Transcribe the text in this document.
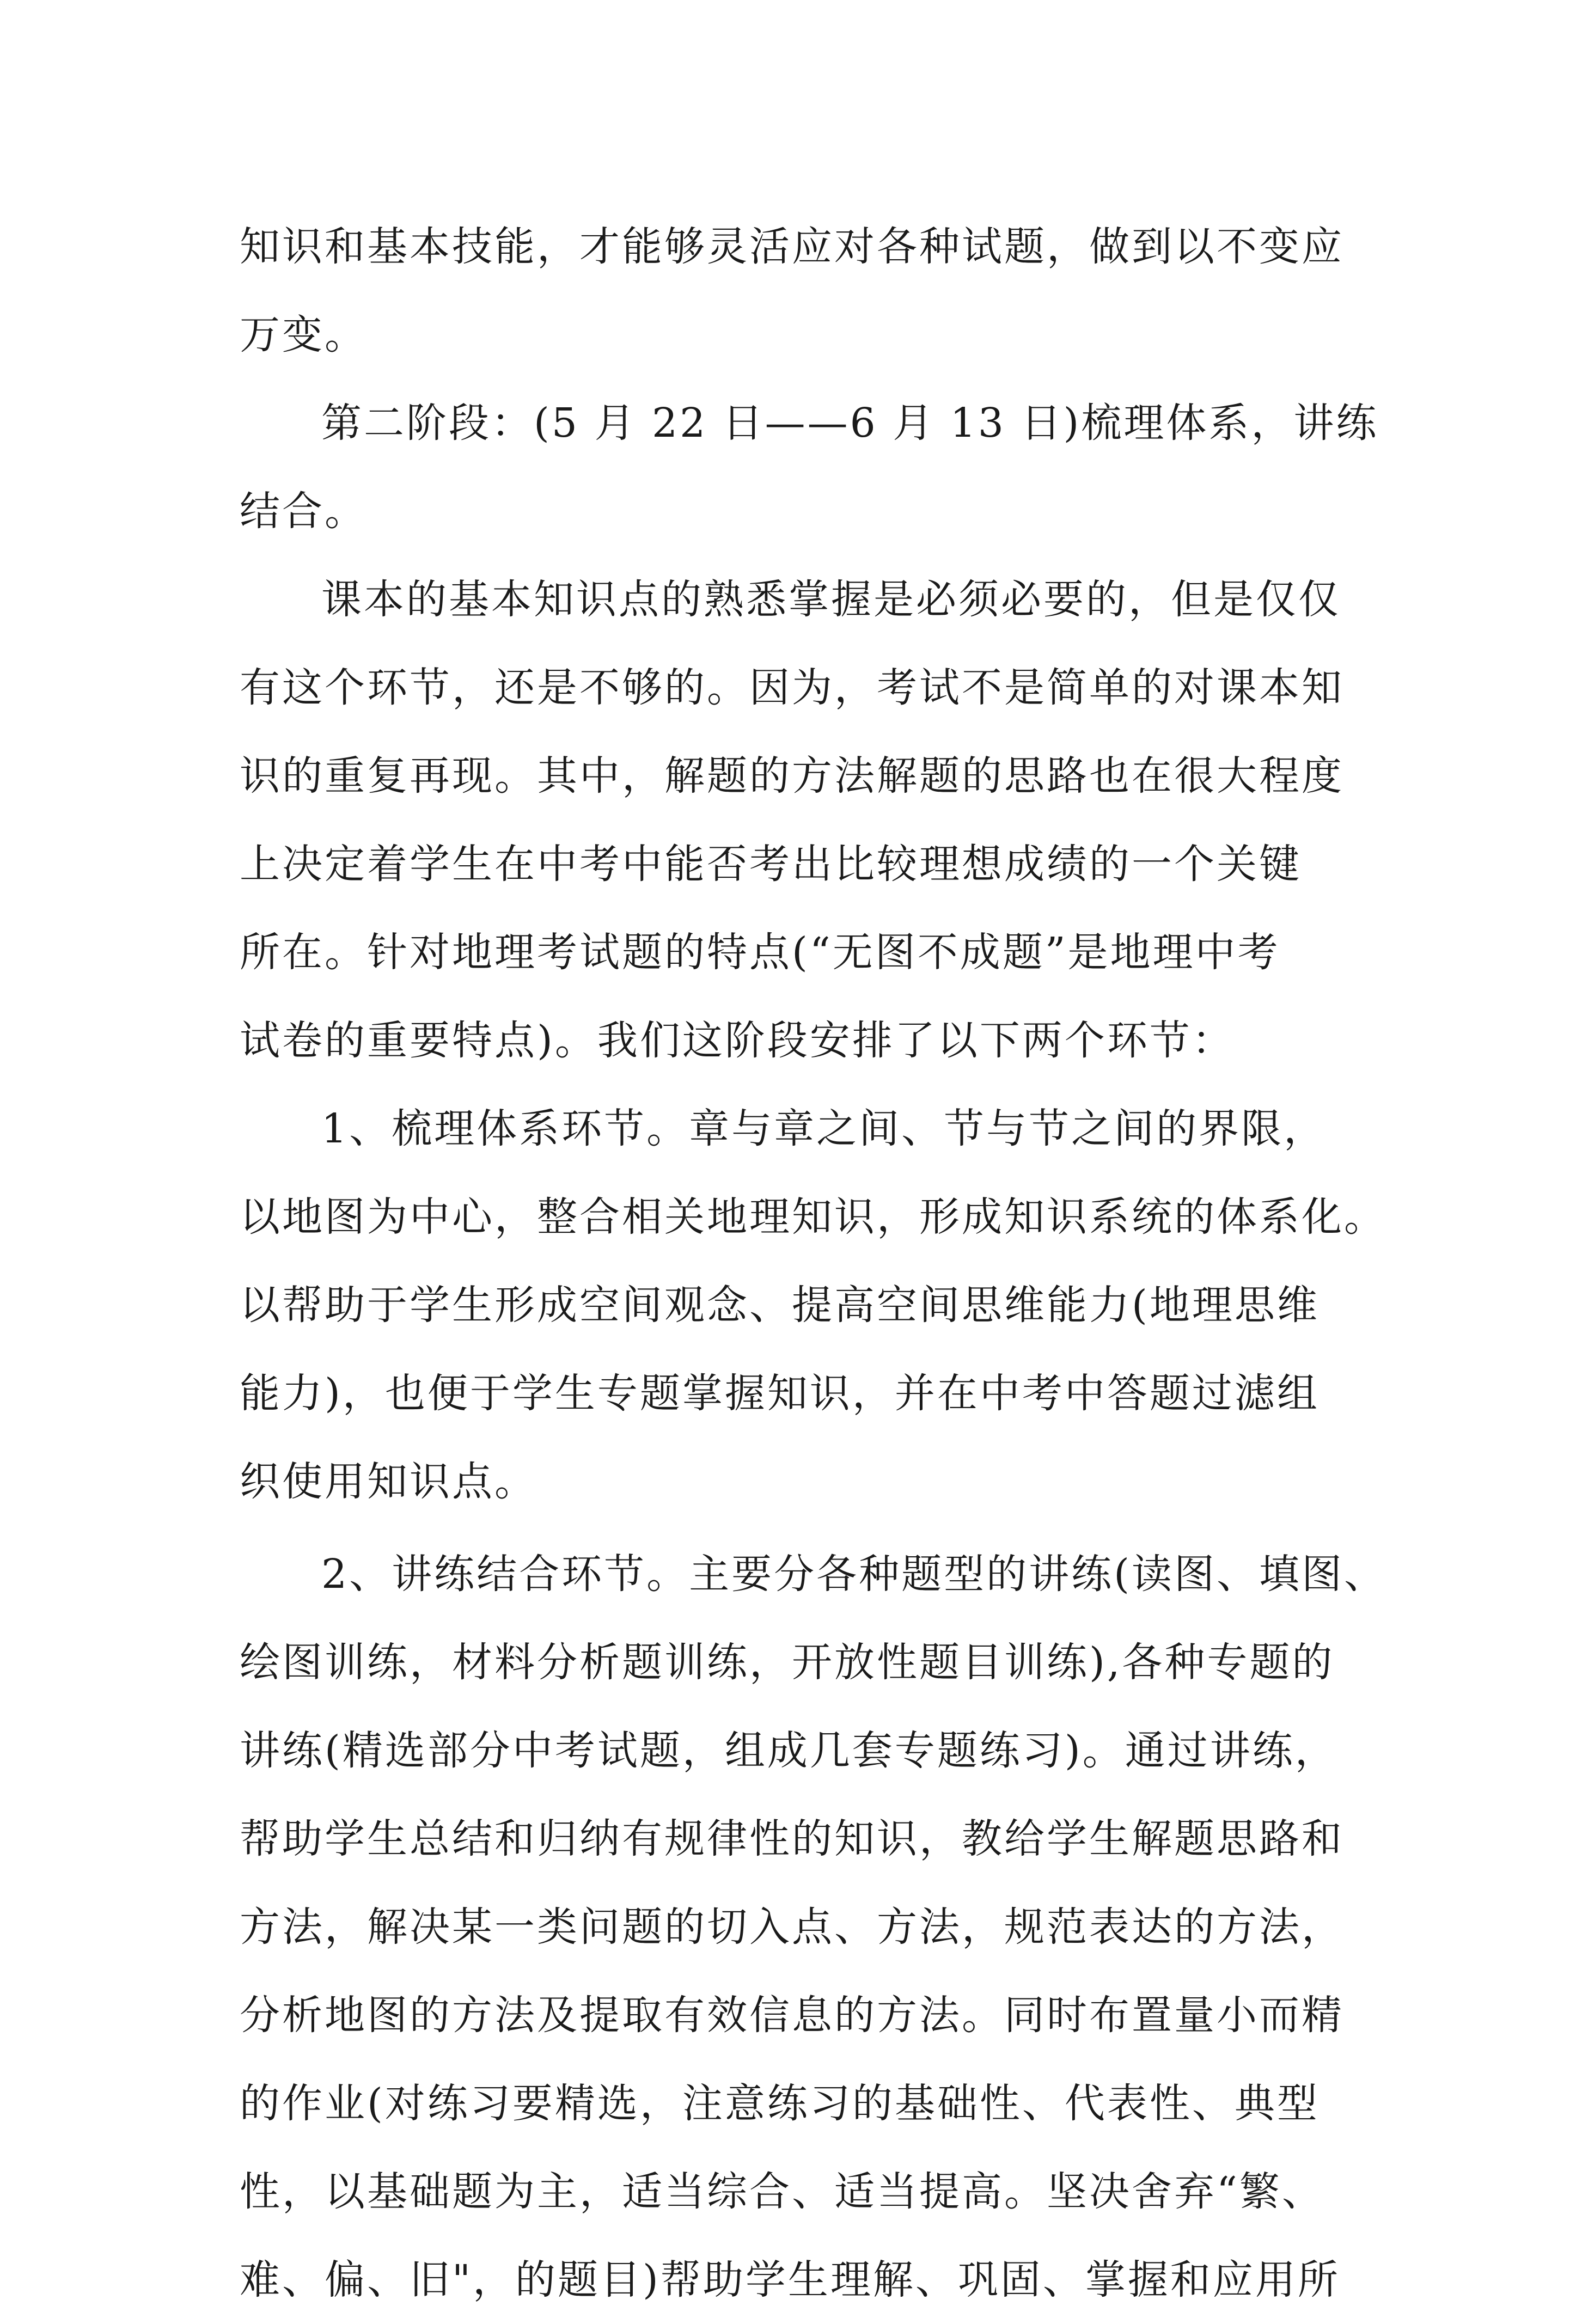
知识和基本技能，才能够灵活应对各种试题，做到以不变应
万变。
第二阶段：(5 月 22 日——6 月 13 日)梳理体系，讲练
结合。
课本的基本知识点的熟悉掌握是必须必要的，但是仅仅
有这个环节，还是不够的。因为，考试不是简单的对课本知
识的重复再现。其中，解题的方法解题的思路也在很大程度
上决定着学生在中考中能否考出比较理想成绩的一个关键
所在。针对地理考试题的特点(“无图不成题”是地理中考
试卷的重要特点)。我们这阶段安排了以下两个环节：
1、梳理体系环节。章与章之间、节与节之间的界限，
以地图为中心，整合相关地理知识，形成知识系统的体系化。
以帮助于学生形成空间观念、提高空间思维能力(地理思维
能力)，也便于学生专题掌握知识，并在中考中答题过滤组
织使用知识点。
2、讲练结合环节。主要分各种题型的讲练(读图、填图、
绘图训练，材料分析题训练，开放性题目训练),各种专题的
讲练(精选部分中考试题，组成几套专题练习)。通过讲练，
帮助学生总结和归纳有规律性的知识，教给学生解题思路和
方法，解决某一类问题的切入点、方法，规范表达的方法，
分析地图的方法及提取有效信息的方法。同时布置量小而精
的作业(对练习要精选，注意练习的基础性、代表性、典型
性，以基础题为主，适当综合、适当提高。坚决舍弃“繁、
难、偏、旧"，的题目)帮助学生理解、巩固、掌握和应用所
